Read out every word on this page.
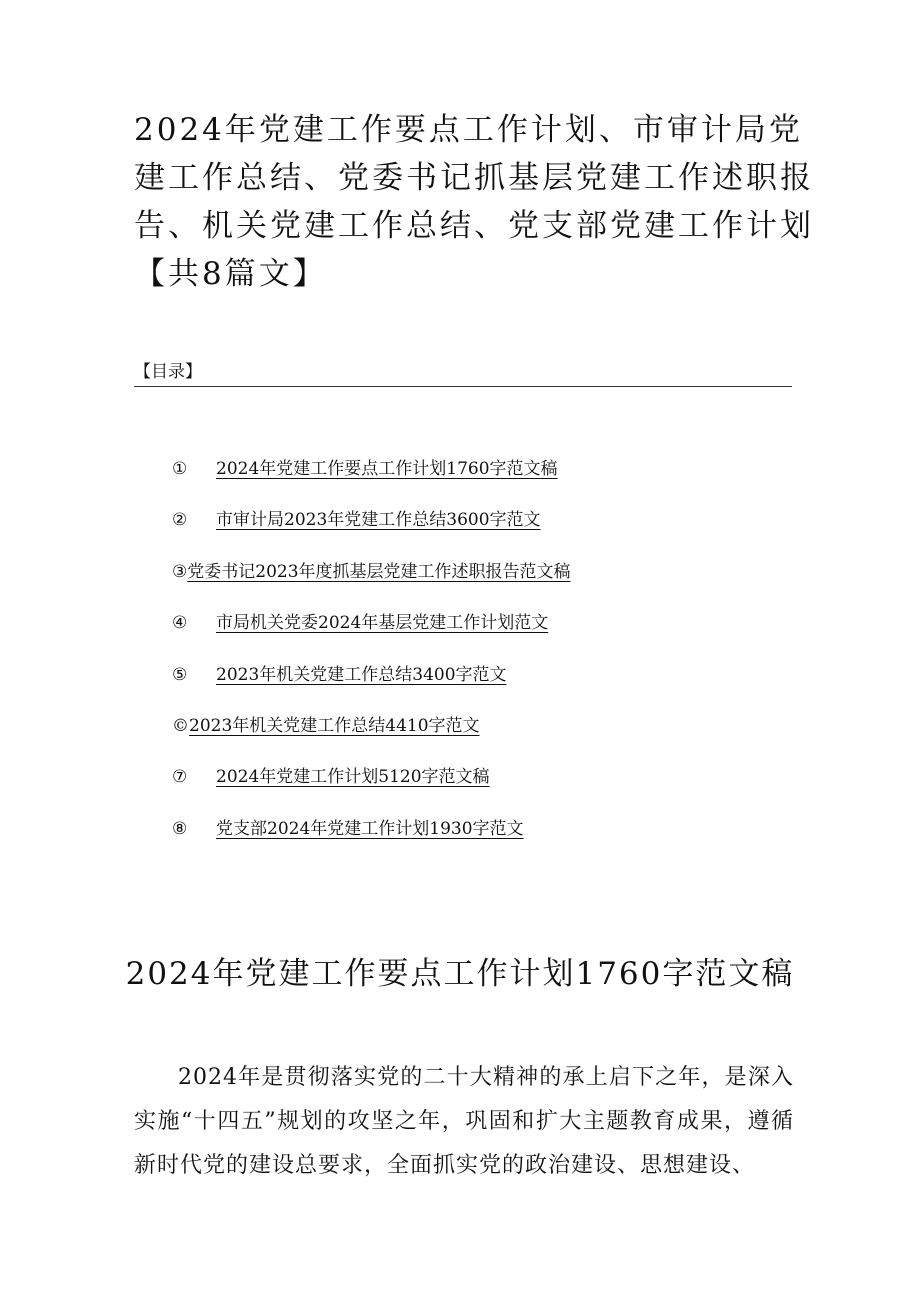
2024年党建工作要点工作计划、市审计局党建工作总结、党委书记抓基层党建工作述职报告、机关党建工作总结、党支部党建工作计划【共8篇文】
【目录】
①	2024年党建工作要点工作计划1760字范文稿
②	市审计局2023年党建工作总结3600字范文
③ 党委书记2023年度抓基层党建工作述职报告范文稿
④	市局机关党委2024年基层党建工作计划范文
⑤	2023年机关党建工作总结3400字范文
© 2023年机关党建工作总结4410字范文
⑦	2024年党建工作计划5120字范文稿
⑧	党支部2024年党建工作计划1930字范文
2024年党建工作要点工作计划1760字范文稿

2024年是贯彻落实党的二十大精神的承上启下之年，是深入实施“十四五”规划的攻坚之年，巩固和扩大主题教育成果，遵循新时代党的建设总要求，全面抓实党的政治建设、思想建设、
